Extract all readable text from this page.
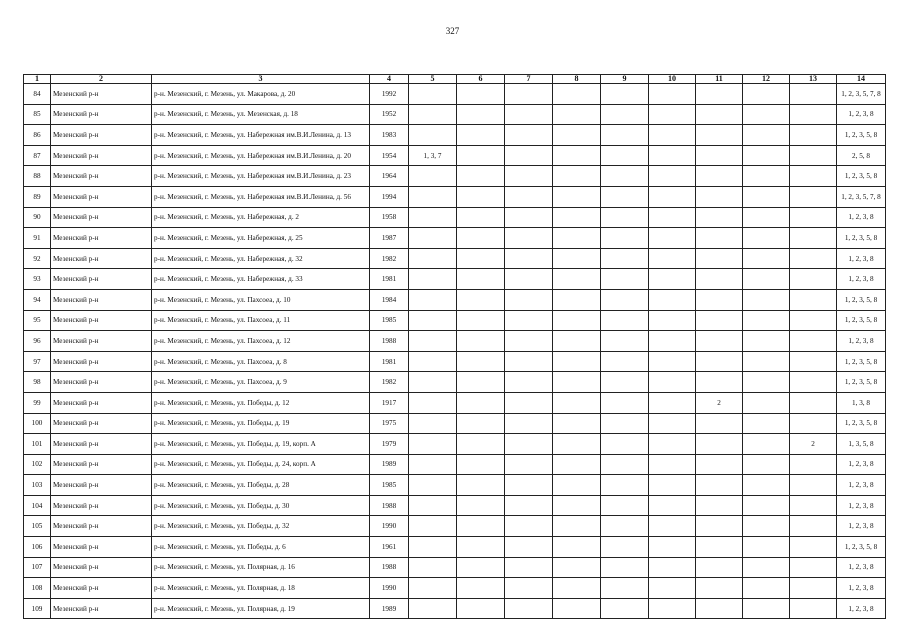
327
1	2	3	4	5	6	7	8	9	10	11	12	13	14
84	Мезенский р-н	р-н. Мезенский, г. Мезень, ул. Макарова, д. 20	1992										1, 2, 3, 5, 7, 8
85	Мезенский р-н	р-н. Мезенский, г. Мезень, ул. Мезенская, д. 18	1952										1, 2, 3, 8
86	Мезенский р-н	р-н. Мезенский, г. Мезень, ул. Набережная им.В.И.Ленина, д. 13	1983										1, 2, 3, 5, 8
87	Мезенский р-н	р-н. Мезенский, г. Мезень, ул. Набережная им.В.И.Ленина, д. 20	1954	1, 3, 7									2, 5, 8
88	Мезенский р-н	р-н. Мезенский, г. Мезень, ул. Набережная им.В.И.Ленина, д. 23	1964										1, 2, 3, 5, 8
89	Мезенский р-н	р-н. Мезенский, г. Мезень, ул. Набережная им.В.И.Ленина, д. 56	1994										1, 2, 3, 5, 7, 8
90	Мезенский р-н	р-н. Мезенский, г. Мезень, ул. Набережная, д. 2	1958										1, 2, 3, 8
91	Мезенский р-н	р-н. Мезенский, г. Мезень, ул. Набережная, д. 25	1987										1, 2, 3, 5, 8
92	Мезенский р-н	р-н. Мезенский, г. Мезень, ул. Набережная, д. 32	1982										1, 2, 3, 8
93	Мезенский р-н	р-н. Мезенский, г. Мезень, ул. Набережная, д. 33	1981										1, 2, 3, 8
94	Мезенский р-н	р-н. Мезенский, г. Мезень, ул. Пахсоеа, д. 10	1984										1, 2, 3, 5, 8
95	Мезенский р-н	р-н. Мезенский, г. Мезень, ул. Пахсоеа, д. 11	1985										1, 2, 3, 5, 8
96	Мезенский р-н	р-н. Мезенский, г. Мезень, ул. Пахсоеа, д. 12	1988										1, 2, 3, 8
97	Мезенский р-н	р-н. Мезенский, г. Мезень, ул. Пахсоеа, д. 8	1981										1, 2, 3, 5, 8
98	Мезенский р-н	р-н. Мезенский, г. Мезень, ул. Пахсоеа, д. 9	1982										1, 2, 3, 5, 8
99	Мезенский р-н	р-н. Мезенский, г. Мезень, ул. Победы, д. 12	1917							2			1, 3, 8
100	Мезенский р-н	р-н. Мезенский, г. Мезень, ул. Победы, д. 19	1975										1, 2, 3, 5, 8
101	Мезенский р-н	р-н. Мезенский, г. Мезень, ул. Победы, д. 19, корп. А	1979									2	1, 3, 5, 8
102	Мезенский р-н	р-н. Мезенский, г. Мезень, ул. Победы, д. 24, корп. А	1989										1, 2, 3, 8
103	Мезенский р-н	р-н. Мезенский, г. Мезень, ул. Победы, д. 28	1985										1, 2, 3, 8
104	Мезенский р-н	р-н. Мезенский, г. Мезень, ул. Победы, д. 30	1988										1, 2, 3, 8
105	Мезенский р-н	р-н. Мезенский, г. Мезень, ул. Победы, д. 32	1990										1, 2, 3, 8
106	Мезенский р-н	р-н. Мезенский, г. Мезень, ул. Победы, д. 6	1961										1, 2, 3, 5, 8
107	Мезенский р-н	р-н. Мезенский, г. Мезень, ул. Полярная, д. 16	1988										1, 2, 3, 8
108	Мезенский р-н	р-н. Мезенский, г. Мезень, ул. Полярная, д. 18	1990										1, 2, 3, 8
109	Мезенский р-н	р-н. Мезенский, г. Мезень, ул. Полярная, д. 19	1989										1, 2, 3, 8
